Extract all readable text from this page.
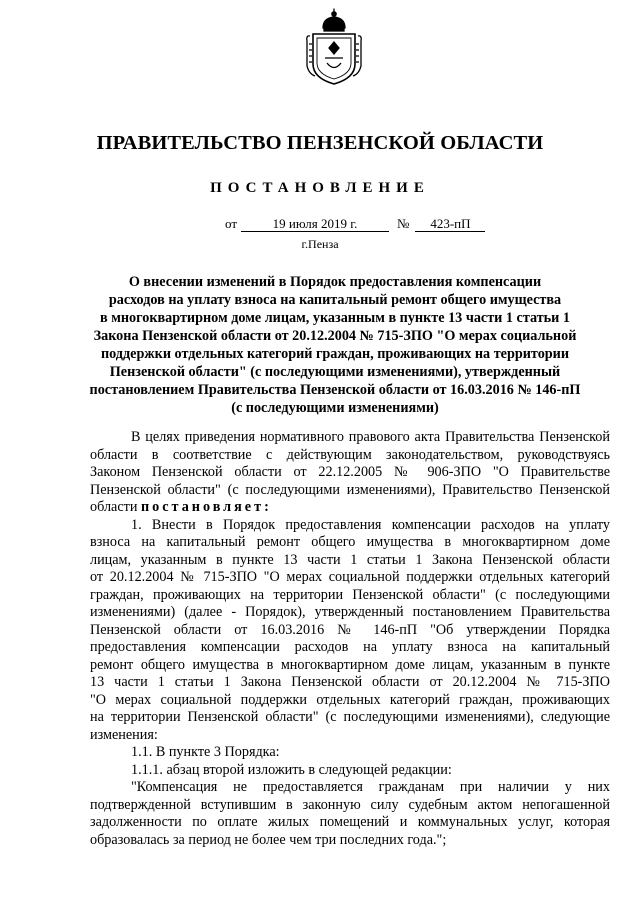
ПРАВИТЕЛЬСТВО ПЕНЗЕНСКОЙ ОБЛАСТИ
ПОСТАНОВЛЕНИЕ
от	19 июля 2019 г.	№	423-пП
г.Пенза
О внесении изменений в Порядок предоставления компенсации
расходов на уплату взноса на капитальный ремонт общего имущества
в многоквартирном доме лицам, указанным в пункте 13 части 1 статьи 1
Закона Пензенской области от 20.12.2004 № 715-ЗПО "О мерах социальной
поддержки отдельных категорий граждан, проживающих на территории
Пензенской области" (с последующими изменениями), утвержденный
постановлением Правительства Пензенской области от 16.03.2016 № 146-пП
(с последующими изменениями)
В целях приведения нормативного правового акта Правительства Пензенской
области в соответствие с действующим законодательством, руководствуясь
Законом Пензенской области от 22.12.2005 № 906-ЗПО "О Правительстве
Пензенской области" (с последующими изменениями), Правительство Пензенской
области постановляет:
1. Внести в Порядок предоставления компенсации расходов на уплату
взноса на капитальный ремонт общего имущества в многоквартирном доме
лицам, указанным в пункте 13 части 1 статьи 1 Закона Пензенской области
от 20.12.2004 № 715-ЗПО "О мерах социальной поддержки отдельных категорий
граждан, проживающих на территории Пензенской области" (с последующими
изменениями) (далее - Порядок), утвержденный постановлением Правительства
Пензенской области от 16.03.2016 № 146-пП "Об утверждении Порядка
предоставления компенсации расходов на уплату взноса на капитальный
ремонт общего имущества в многоквартирном доме лицам, указанным в пункте
13 части 1 статьи 1 Закона Пензенской области от 20.12.2004 № 715-ЗПО
"О мерах социальной поддержки отдельных категорий граждан, проживающих
на территории Пензенской области" (с последующими изменениями), следующие
изменения:
1.1. В пункте 3 Порядка:
1.1.1. абзац второй изложить в следующей редакции:
"Компенсация не предоставляется гражданам при наличии у них
подтвержденной вступившим в законную силу судебным актом непогашенной
задолженности по оплате жилых помещений и коммунальных услуг, которая
образовалась за период не более чем три последних года.";
